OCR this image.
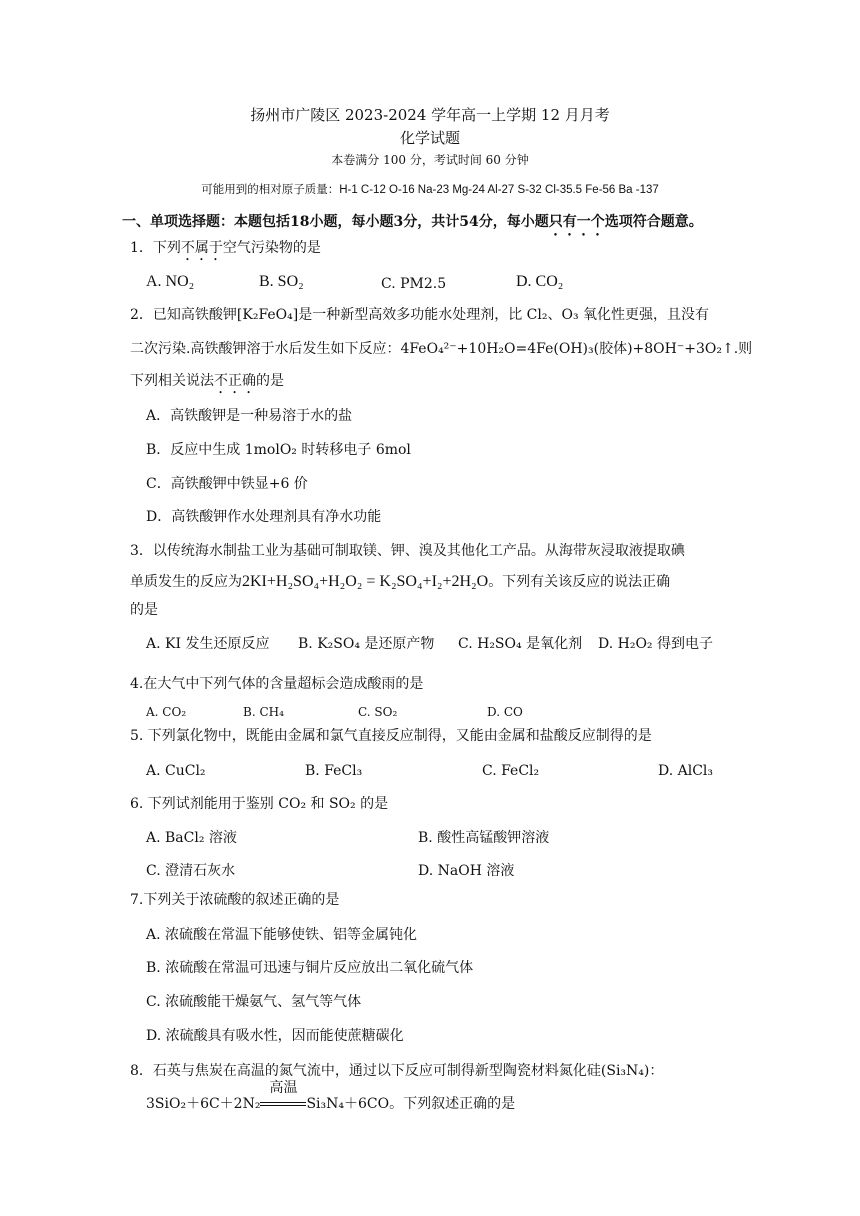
扬州市广陵区 2023-2024 学年高一上学期 12 月月考
化学试题
本卷满分 100 分，考试时间 60 分钟
可能用到的相对原子质量：H-1 C-12 O-16 Na-23 Mg-24 Al-27 S-32 Cl-35.5 Fe-56 Ba -137
一、单项选择题：本题包括18小题，每小题3分，共计54分，每小题只有一个选项符合题意。
1．下列不属于空气污染物的是
A. NO₂	B. SO₂	C. PM2.5	D. CO₂
2．已知高铁酸钾[K₂FeO₄]是一种新型高效多功能水处理剂，比 Cl₂、O₃ 氧化性更强，且没有
二次污染.高铁酸钾溶于水后发生如下反应：4FeO₄²⁻+10H₂O=4Fe(OH)₃(胶体)+8OH⁻+3O₂↑.则
下列相关说法不正确的是
A．高铁酸钾是一种易溶于水的盐
B．反应中生成 1molO₂ 时转移电子 6mol
C．高铁酸钾中铁显+6 价
D．高铁酸钾作水处理剂具有净水功能
3．以传统海水制盐工业为基础可制取镁、钾、溴及其他化工产品。从海带灰浸取液提取碘
单质发生的反应为2KI+H₂SO₄+H₂O₂ = K₂SO₄+I₂+2H₂O。下列有关该反应的说法正确
的是
A. KI 发生还原反应 B. K₂SO₄ 是还原产物 C. H₂SO₄ 是氧化剂 D. H₂O₂ 得到电子
4.在大气中下列气体的含量超标会造成酸雨的是
A. CO₂	B. CH₄	C. SO₂	D. CO
5. 下列氯化物中，既能由金属和氯气直接反应制得，又能由金属和盐酸反应制得的是
A. CuCl₂	B. FeCl₃	C. FeCl₂	D. AlCl₃
6. 下列试剂能用于鉴别 CO₂ 和 SO₂ 的是
A. BaCl₂ 溶液	B. 酸性高锰酸钾溶液
C. 澄清石灰水	D. NaOH 溶液
7.下列关于浓硫酸的叙述正确的是
A. 浓硫酸在常温下能够使铁、铝等金属钝化
B. 浓硫酸在常温可迅速与铜片反应放出二氧化硫气体
C. 浓硫酸能干燥氨气、氢气等气体
D. 浓硫酸具有吸水性，因而能使蔗糖碳化
8．石英与焦炭在高温的氮气流中，通过以下反应可制得新型陶瓷材料氮化硅(Si₃N₄)：
3SiO₂＋6C＋2N₂
高温
Si₃N₄＋6CO。下列叙述正确的是
